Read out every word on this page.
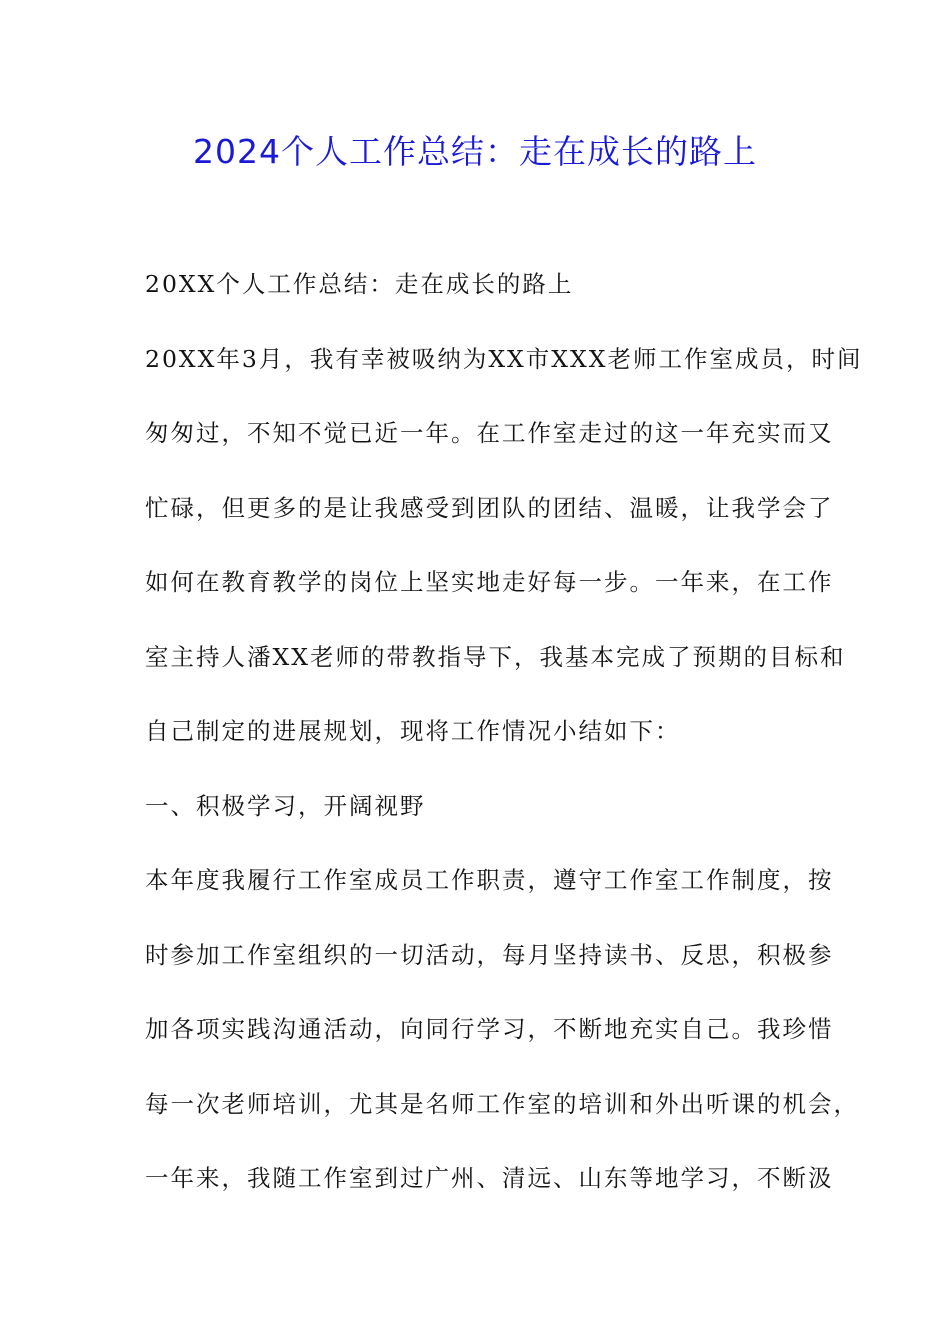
2024个人工作总结：走在成长的路上
20XX个人工作总结：走在成长的路上
20XX年3月，我有幸被吸纳为XX市XXX老师工作室成员，时间
匆匆过，不知不觉已近一年。在工作室走过的这一年充实而又
忙碌，但更多的是让我感受到团队的团结、温暖，让我学会了
如何在教育教学的岗位上坚实地走好每一步。一年来，在工作
室主持人潘XX老师的带教指导下，我基本完成了预期的目标和
自己制定的进展规划，现将工作情况小结如下：
一、积极学习，开阔视野
本年度我履行工作室成员工作职责，遵守工作室工作制度，按
时参加工作室组织的一切活动，每月坚持读书、反思，积极参
加各项实践沟通活动，向同行学习，不断地充实自己。我珍惜
每一次老师培训，尤其是名师工作室的培训和外出听课的机会，
一年来，我随工作室到过广州、清远、山东等地学习，不断汲
